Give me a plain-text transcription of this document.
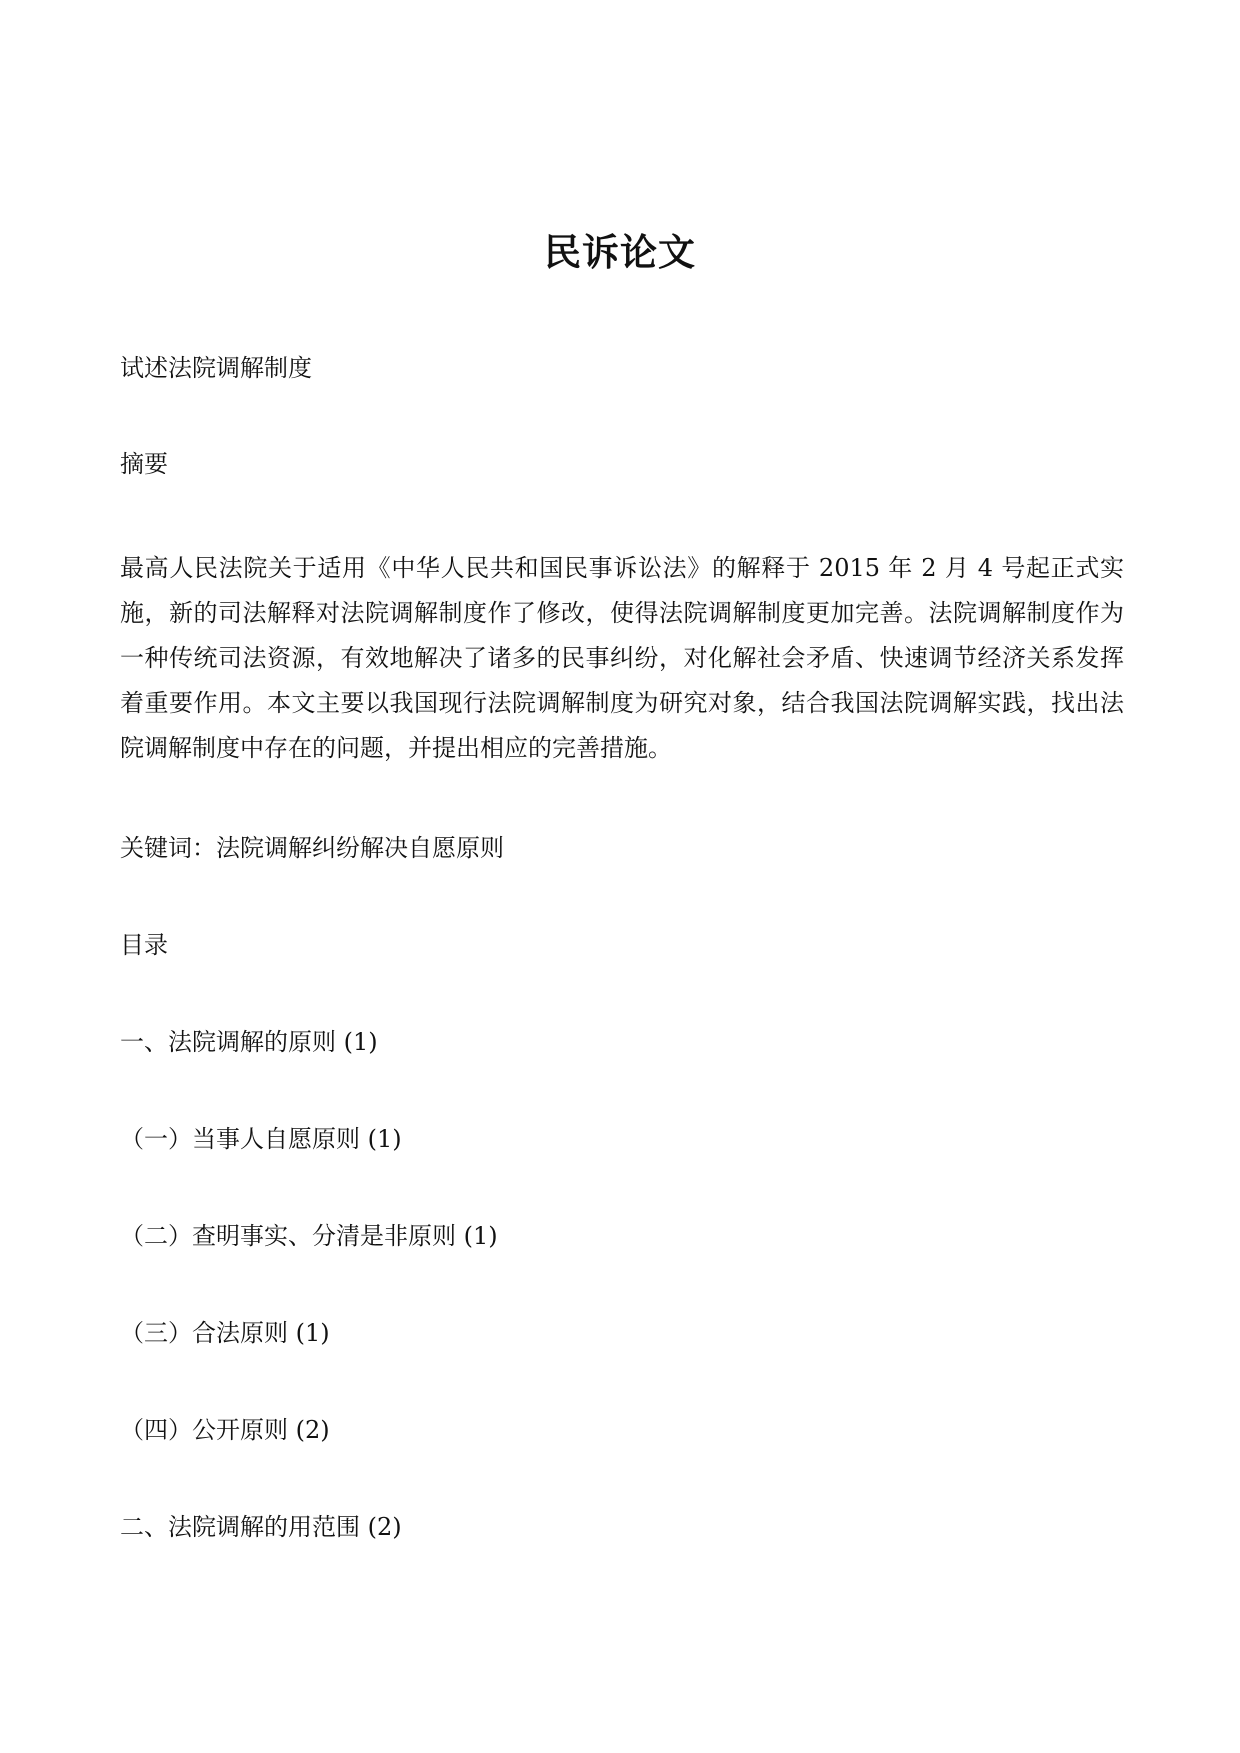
民诉论文

试述法院调解制度

摘要

最高人民法院关于适用《中华人民共和国民事诉讼法》的解释于 2015 年 2 月 4 号起正式实施，新的司法解释对法院调解制度作了修改，使得法院调解制度更加完善。法院调解制度作为一种传统司法资源，有效地解决了诸多的民事纠纷，对化解社会矛盾、快速调节经济关系发挥着重要作用。本文主要以我国现行法院调解制度为研究对象，结合我国法院调解实践，找出法院调解制度中存在的问题，并提出相应的完善措施。

关键词：法院调解纠纷解决自愿原则

目录

一、法院调解的原则 (1)

（一）当事人自愿原则 (1)

（二）查明事实、分清是非原则 (1)

（三）合法原则 (1)

（四）公开原则 (2)

二、法院调解的用范围 (2)
